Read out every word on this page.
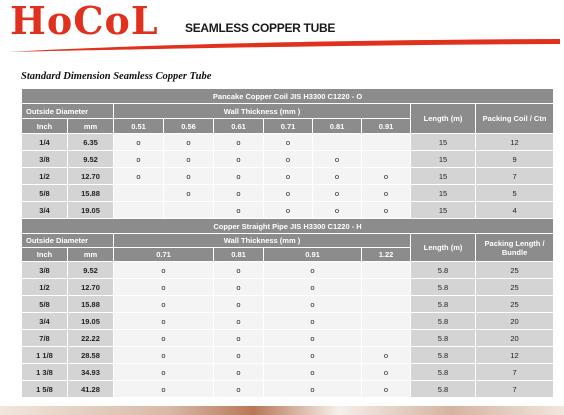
HoCoL SEAMLESS COPPER TUBE
Standard Dimension Seamless Copper Tube
Pancake Copper Coil JIS H3300 C1220 - O									
Outside Diameter		Wall Thickness (mm )						Length (m)	Packing Coil / Ctn
Inch	mm	0.51	0.56	0.61	0.71	0.81	0.91		
1/4	6.35	o	o	o	o			15	12
3/8	9.52	o	o	o	o	o		15	9
1/2	12.70	o	o	o	o	o	o	15	7
5/8	15.88		o	o	o	o	o	15	5
3/4	19.05			o	o	o	o	15	4
Copper Straight Pipe JIS H3300 C1220 - H									
Outside Diameter		Wall Thickness (mm )						Length (m)	Packing Length / Bundle
Inch	mm	0.71		0.81	0.91		1.22		
3/8	9.52	o		o	o			5.8	25
1/2	12.70	o		o	o			5.8	25
5/8	15.88	o		o	o			5.8	25
3/4	19.05	o		o	o			5.8	20
7/8	22.22	o		o	o			5.8	20
1 1/8	28.58	o		o	o		o	5.8	12
1 3/8	34.93	o		o	o		o	5.8	7
1 5/8	41.28	o		o	o		o	5.8	7
